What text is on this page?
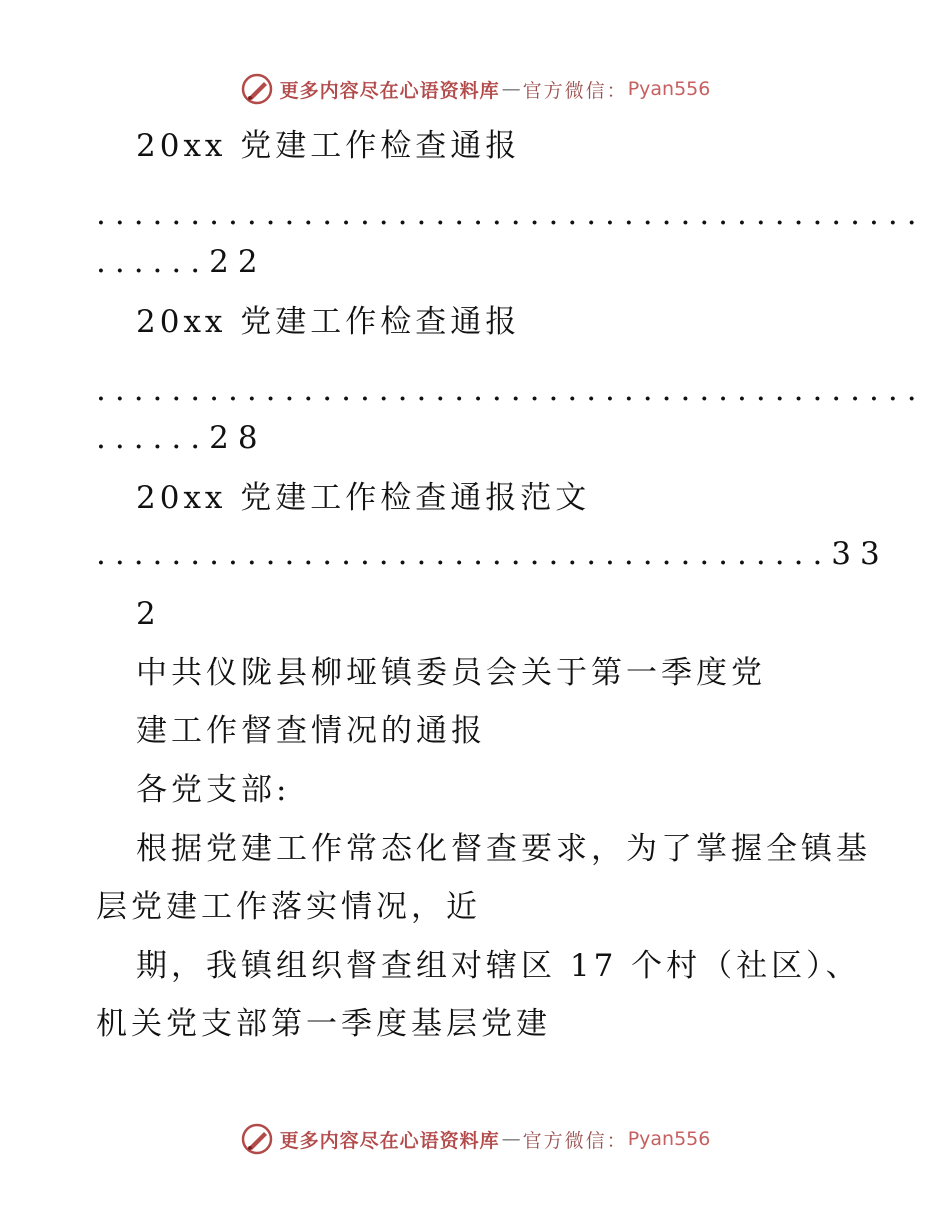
更多内容尽在心语资料库 — 官方微信： Pyan556
20xx 党建工作检查通报
............................................
......22
20xx 党建工作检查通报
............................................
......28
20xx 党建工作检查通报范文
.......................................33
2
中共仪陇县柳垭镇委员会关于第一季度党
建工作督查情况的通报
各党支部:
根据党建工作常态化督查要求，为了掌握全镇基
层党建工作落实情况，近
期，我镇组织督查组对辖区 17 个村（社区）、
机关党支部第一季度基层党建
更多内容尽在心语资料库 — 官方微信： Pyan556
